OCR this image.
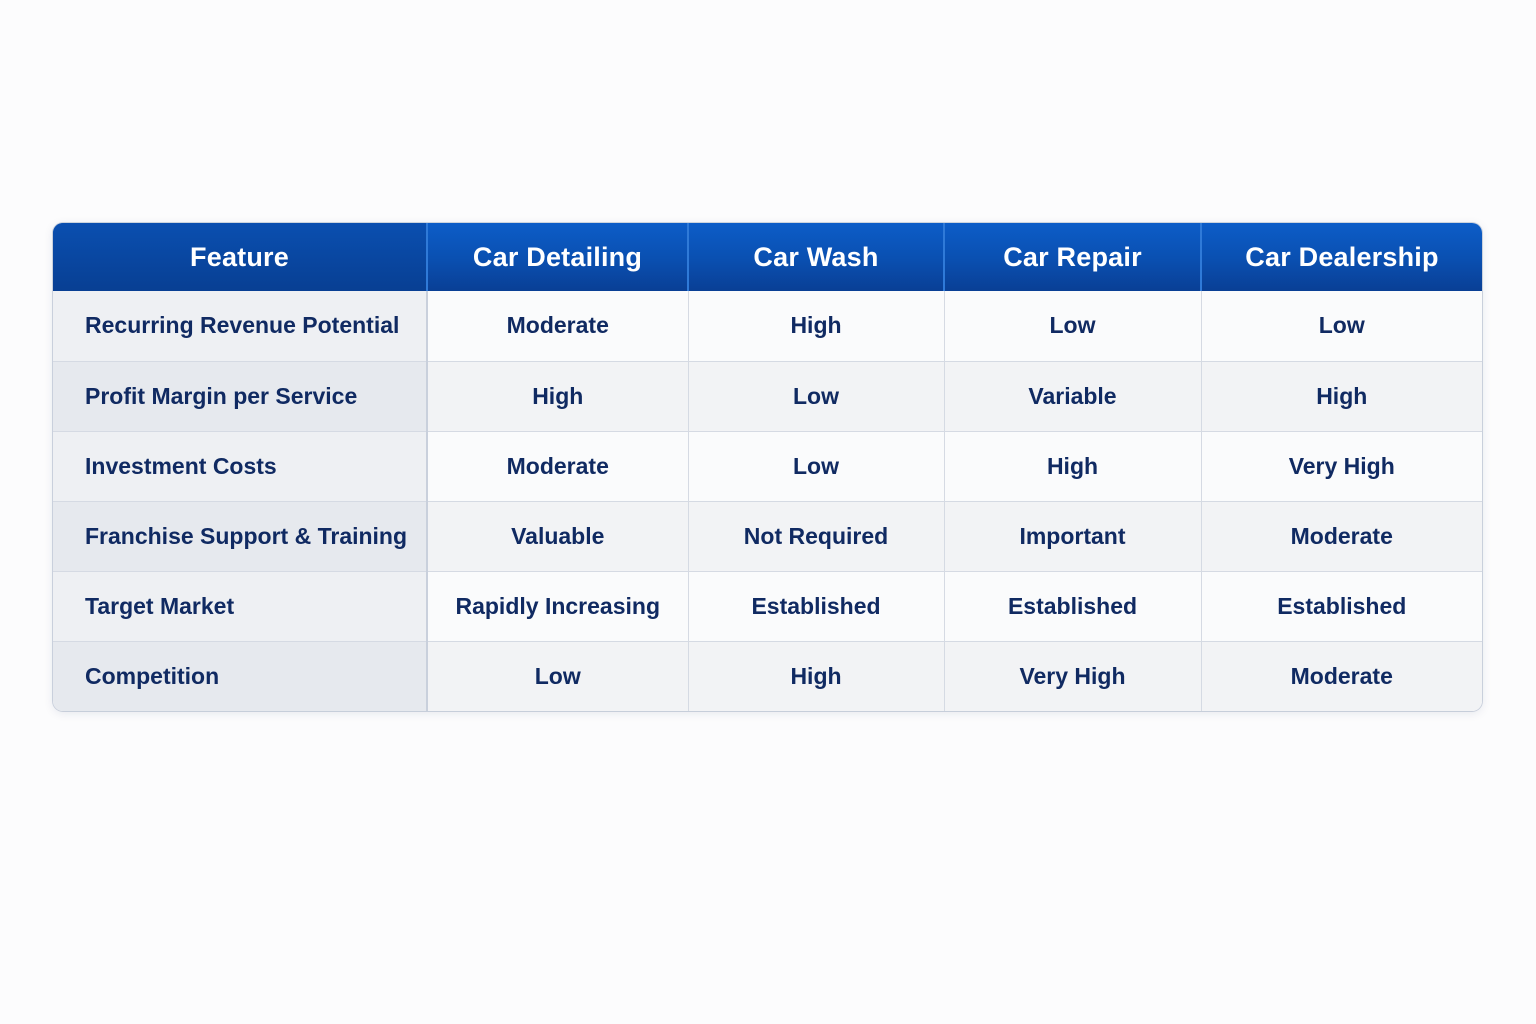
Feature	Car Detailing	Car Wash	Car Repair	Car Dealership
Recurring Revenue Potential	Moderate	High	Low	Low
Profit Margin per Service	High	Low	Variable	High
Investment Costs	Moderate	Low	High	Very High
Franchise Support & Training	Valuable	Not Required	Important	Moderate
Target Market	Rapidly Increasing	Established	Established	Established
Competition	Low	High	Very High	Moderate
